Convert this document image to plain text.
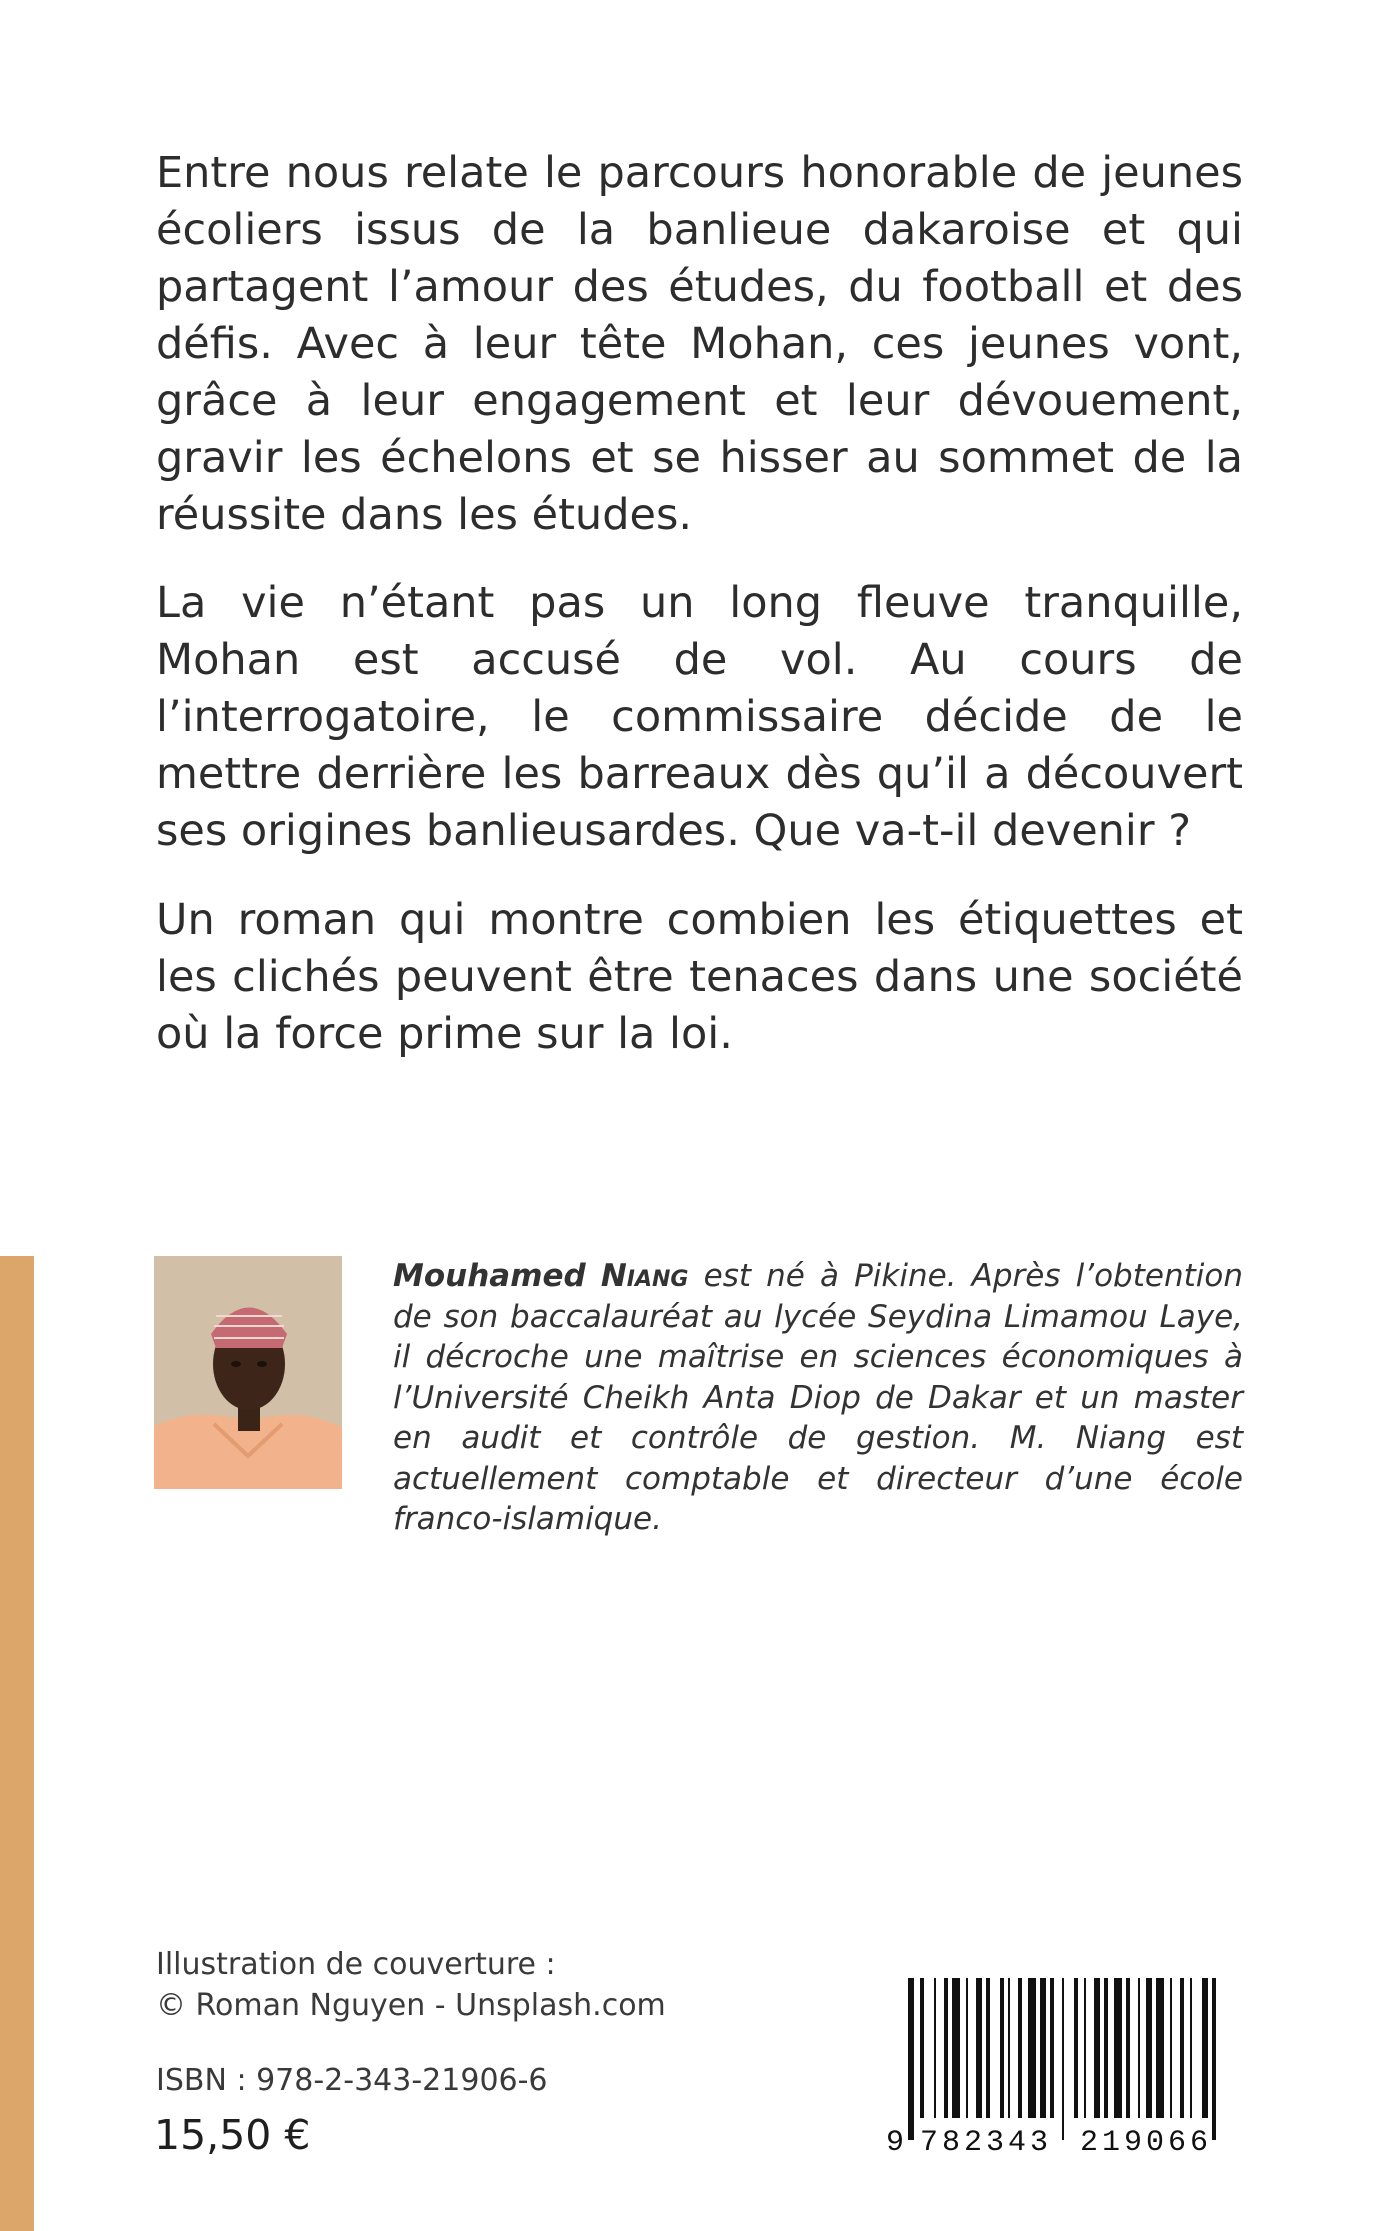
Entre nous relate le parcours honorable de jeunes écoliers issus de la banlieue dakaroise et qui partagent l’amour des études, du football et des défis. Avec à leur tête Mohan, ces jeunes vont, grâce à leur engagement et leur dévouement, gravir les échelons et se hisser au sommet de la réussite dans les études.

La vie n’étant pas un long fleuve tranquille, Mohan est accusé de vol. Au cours de l’interrogatoire, le commissaire décide de le mettre derrière les barreaux dès qu’il a découvert ses origines banlieusardes. Que va-t-il devenir ?

Un roman qui montre combien les étiquettes et les clichés peuvent être tenaces dans une société où la force prime sur la loi.

Mouhamed Niang est né à Pikine. Après l’obtention de son baccalauréat au lycée Seydina Limamou Laye, il décroche une maîtrise en sciences économiques à l’Université Cheikh Anta Diop de Dakar et un master en audit et contrôle de gestion. M. Niang est actuellement comptable et directeur d’une école franco-islamique.
Illustration de couverture :
© Roman Nguyen - Unsplash.com
ISBN : 978-2-343-21906-6
15,50 €	9 782343 219066
